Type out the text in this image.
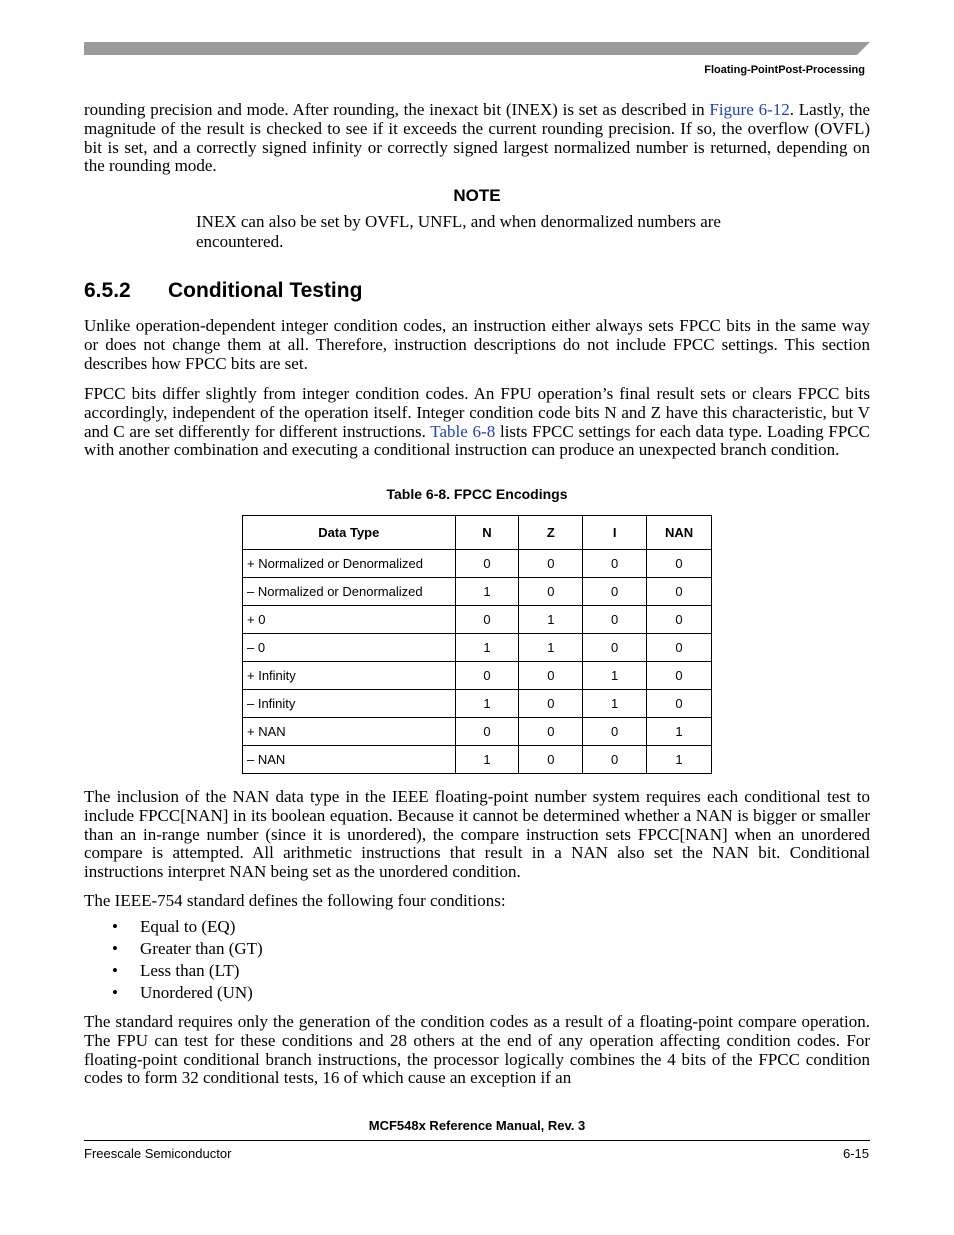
Floating-PointPost-Processing

rounding precision and mode. After rounding, the inexact bit (INEX) is set as described in Figure 6-12. Lastly, the magnitude of the result is checked to see if it exceeds the current rounding precision. If so, the overflow (OVFL) bit is set, and a correctly signed infinity or correctly signed largest normalized number is returned, depending on the rounding mode.

NOTE

INEX can also be set by OVFL, UNFL, and when denormalized numbers are encountered.

6.5.2 Conditional Testing

Unlike operation-dependent integer condition codes, an instruction either always sets FPCC bits in the same way or does not change them at all. Therefore, instruction descriptions do not include FPCC settings. This section describes how FPCC bits are set.

FPCC bits differ slightly from integer condition codes. An FPU operation’s final result sets or clears FPCC bits accordingly, independent of the operation itself. Integer condition code bits N and Z have this characteristic, but V and C are set differently for different instructions. Table 6-8 lists FPCC settings for each data type. Loading FPCC with another combination and executing a conditional instruction can produce an unexpected branch condition.

Table 6-8. FPCC Encodings
Data Type	N	Z	I	NAN
+ Normalized or Denormalized	0	0	0	0
– Normalized or Denormalized	1	0	0	0
+ 0	0	1	0	0
– 0	1	1	0	0
+ Infinity	0	0	1	0
– Infinity	1	0	1	0
+ NAN	0	0	0	1
– NAN	1	0	0	1

The inclusion of the NAN data type in the IEEE floating-point number system requires each conditional test to include FPCC[NAN] in its boolean equation. Because it cannot be determined whether a NAN is bigger or smaller than an in-range number (since it is unordered), the compare instruction sets FPCC[NAN] when an unordered compare is attempted. All arithmetic instructions that result in a NAN also set the NAN bit. Conditional instructions interpret NAN being set as the unordered condition.

The IEEE-754 standard defines the following four conditions:

• Equal to (EQ)
• Greater than (GT)
• Less than (LT)
• Unordered (UN)

The standard requires only the generation of the condition codes as a result of a floating-point compare operation. The FPU can test for these conditions and 28 others at the end of any operation affecting condition codes. For floating-point conditional branch instructions, the processor logically combines the 4 bits of the FPCC condition codes to form 32 conditional tests, 16 of which cause an exception if an

MCF548x Reference Manual, Rev. 3
Freescale Semiconductor	6-15
